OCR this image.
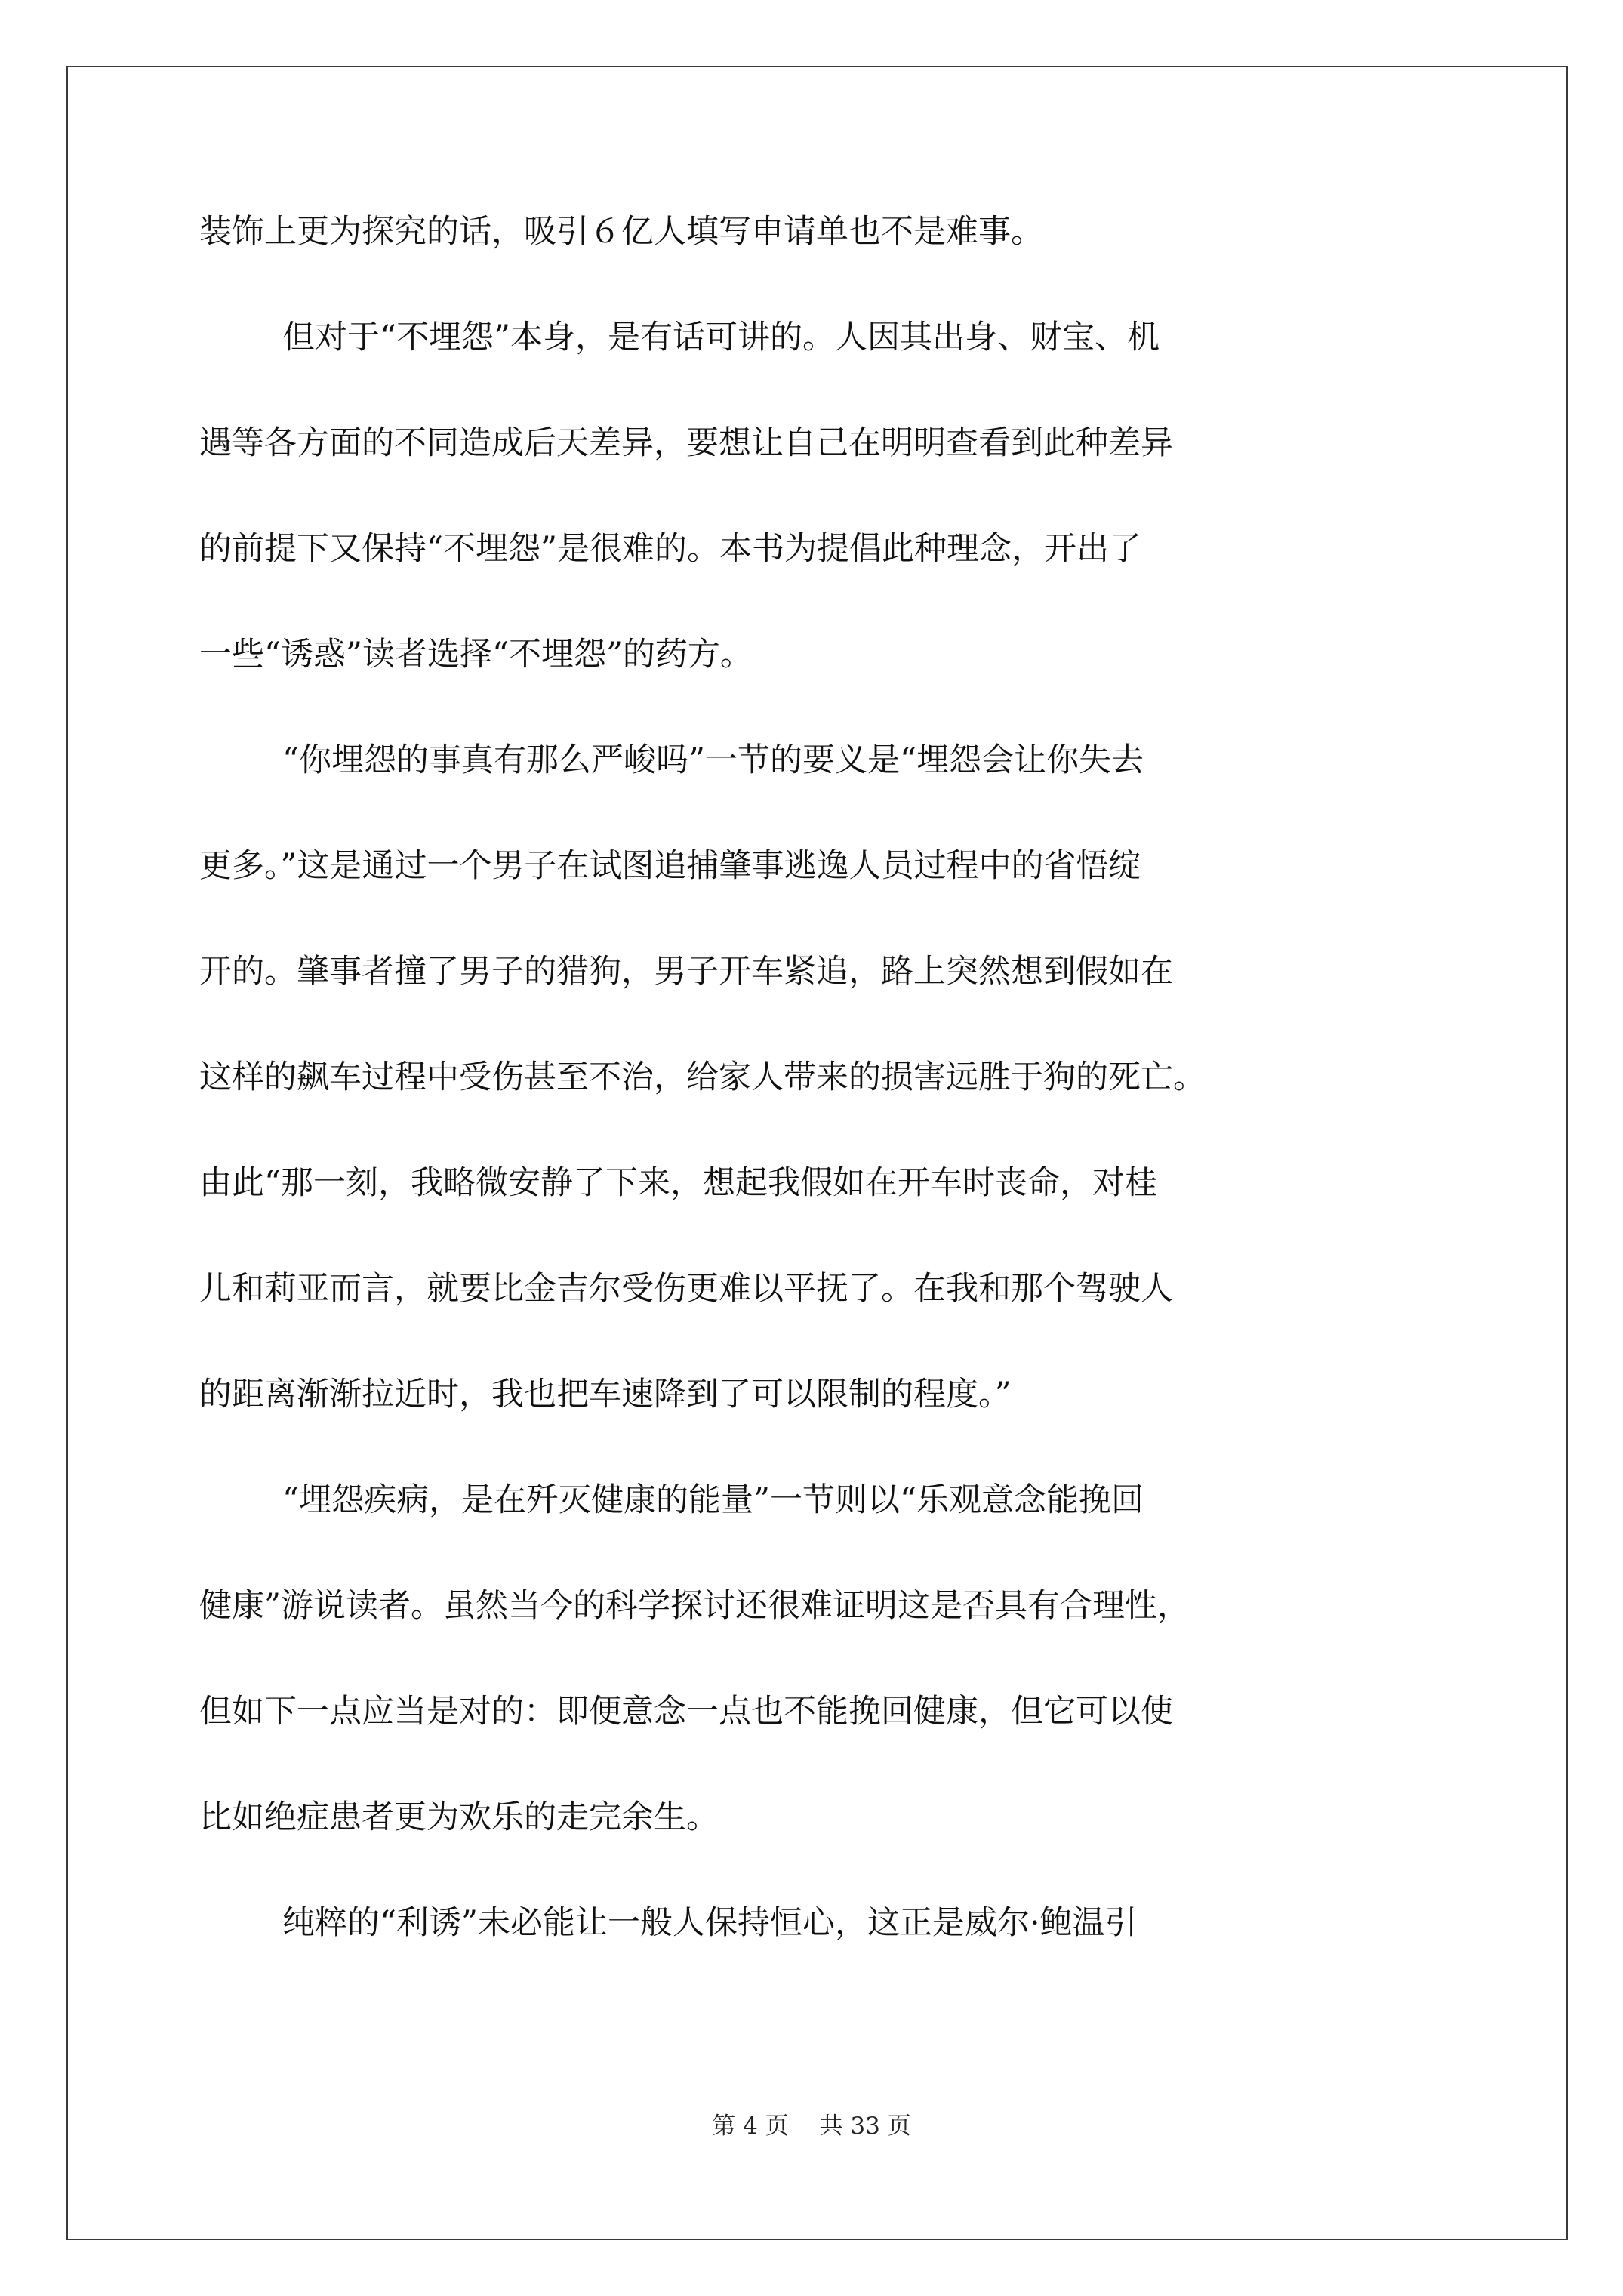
装饰上更为探究的话，吸引６亿人填写申请单也不是难事。
但对于“不埋怨”本身，是有话可讲的。人因其出身、财宝、机
遇等各方面的不同造成后天差异，要想让自己在明明查看到此种差异
的前提下又保持“不埋怨”是很难的。本书为提倡此种理念，开出了
一些“诱惑”读者选择“不埋怨”的药方。
“你埋怨的事真有那么严峻吗”一节的要义是“埋怨会让你失去
更多。”这是通过一个男子在试图追捕肇事逃逸人员过程中的省悟绽
开的。肇事者撞了男子的猎狗，男子开车紧追，路上突然想到假如在
这样的飙车过程中受伤甚至不治，给家人带来的损害远胜于狗的死亡。
由此“那一刻，我略微安静了下来，想起我假如在开车时丧命，对桂
儿和莉亚而言，就要比金吉尔受伤更难以平抚了。在我和那个驾驶人
的距离渐渐拉近时，我也把车速降到了可以限制的程度。”
“埋怨疾病，是在歼灭健康的能量”一节则以“乐观意念能挽回
健康”游说读者。虽然当今的科学探讨还很难证明这是否具有合理性，
但如下一点应当是对的：即便意念一点也不能挽回健康，但它可以使
比如绝症患者更为欢乐的走完余生。
纯粹的“利诱”未必能让一般人保持恒心，这正是威尔·鲍温引
第 4 页　 共 33 页
